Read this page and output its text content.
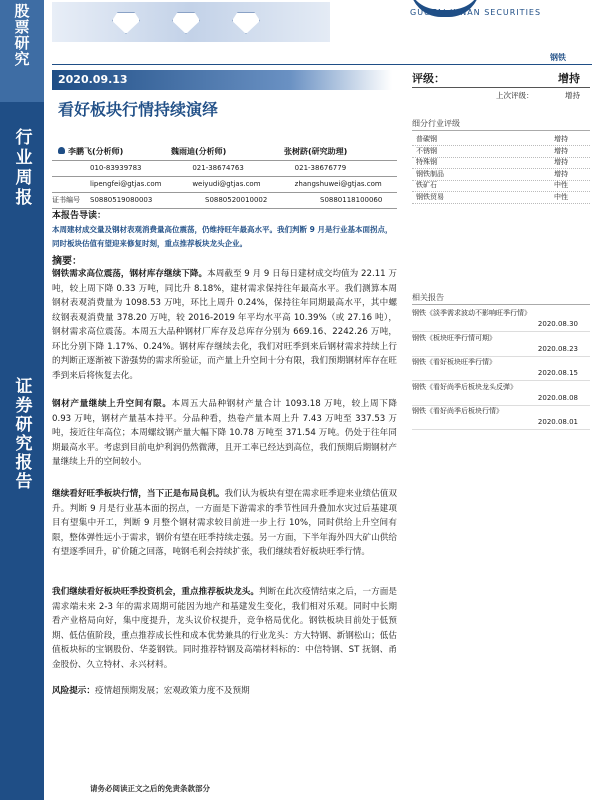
股票研究
行业周报
证券研究报告
GUOTAI JUNAN SECURITIES
钢铁
2020.09.13
看好板块行情持续演绎
李鹏飞(分析师)	魏雨迪(分析师)	张树跻(研究助理)
010-83939783	021-38674763	021-38676779
lipengfei@gtjas.com	weiyudi@gtjas.com	zhangshuwei@gtjas.com
证书编号 S0880519080003	S0880520010002	S0880118100060
本报告导读：
本周建材成交量及钢材表观消费量高位震荡，仍维持旺年最高水平。我们判断 9 月是行业基本面拐点，同时板块估值有望迎来修复时刻，重点推荐板块龙头企业。
摘要：
钢铁需求高位震荡，钢材库存继续下降。本周截至 9 月 9 日每日建材成交均值为 22.11 万吨，较上周下降 0.33 万吨，同比升 8.18%，建材需求保持往年最高水平。我们测算本周钢材表观消费量为 1098.53 万吨，环比上周升 0.24%，保持往年同期最高水平，其中螺纹钢表观消费量 378.20 万吨，较 2016-2019 年平均水平高 10.39%（或 27.16 吨），钢材需求高位震荡。本周五大品种钢材厂库存及总库存分别为 669.16、2242.26 万吨，环比分别下降 1.17%、0.24%。钢材库存继续去化，我们对旺季到来后钢材需求持续上行的判断正逐渐被下游强势的需求所验证，而产量上升空间十分有限，我们预期钢材库存在旺季到来后将恢复去化。
钢材产量继续上升空间有限。本周五大品种钢材产量合计 1093.18 万吨，较上周下降 0.93 万吨，钢材产量基本持平。分品种看，热卷产量本周上升 7.43 万吨至 337.53 万吨，接近往年高位；本周螺纹钢产量大幅下降 10.78 万吨至 371.54 万吨。仍处于往年同期最高水平。考虑到目前电炉利润仍然微薄，且开工率已经达到高位，我们预期后期钢材产量继续上升的空间较小。
继续看好旺季板块行情，当下正是布局良机。我们认为板块有望在需求旺季迎来业绩估值双升。判断 9 月是行业基本面的拐点，一方面是下游需求的季节性回升叠加水灾过后基建项目有望集中开工，判断 9 月整个钢材需求较目前进一步上行 10%，同时供给上升空间有限，整体弹性远小于需求，钢价有望在旺季持续走强。另一方面，下半年海外四大矿山供给有望逐季回升，矿价随之回落，吨钢毛利会持续扩张，我们继续看好板块旺季行情。
我们继续看好板块旺季投资机会，重点推荐板块龙头。判断在此次疫情结束之后，一方面是需求端未来 2-3 年的需求周期可能因为地产和基建发生变化，我们相对乐观。同时中长期看产业格局向好，集中度提升，龙头议价权提升，竞争格局优化。钢铁板块目前处于低预期、低估值阶段，重点推荐成长性和成本优势兼具的行业龙头：方大特钢、新钢松山；低估值板块标的宝钢股份、华菱钢铁。同时推荐特钢及高端材料标的：中信特钢、ST 抚钢、甬金股份、久立特材、永兴材料。
风险提示：疫情超预期发展；宏观政策力度不及预期
请务必阅读正文之后的免责条款部分
评级：	增持
上次评级：	增持
细分行业评级
普碳钢	增持
不锈钢	增持
特殊钢	增持
钢铁制品	增持
铁矿石	中性
钢铁贸易	中性
相关报告
钢铁《淡季需求波动不影响旺季行情》
2020.08.30
钢铁《板块旺季行情可期》
2020.08.23
钢铁《看好板块旺季行情》
2020.08.15
钢铁《看好尚季后板块龙头反弹》
2020.08.08
钢铁《看好尚季后板块行情》
2020.08.01
